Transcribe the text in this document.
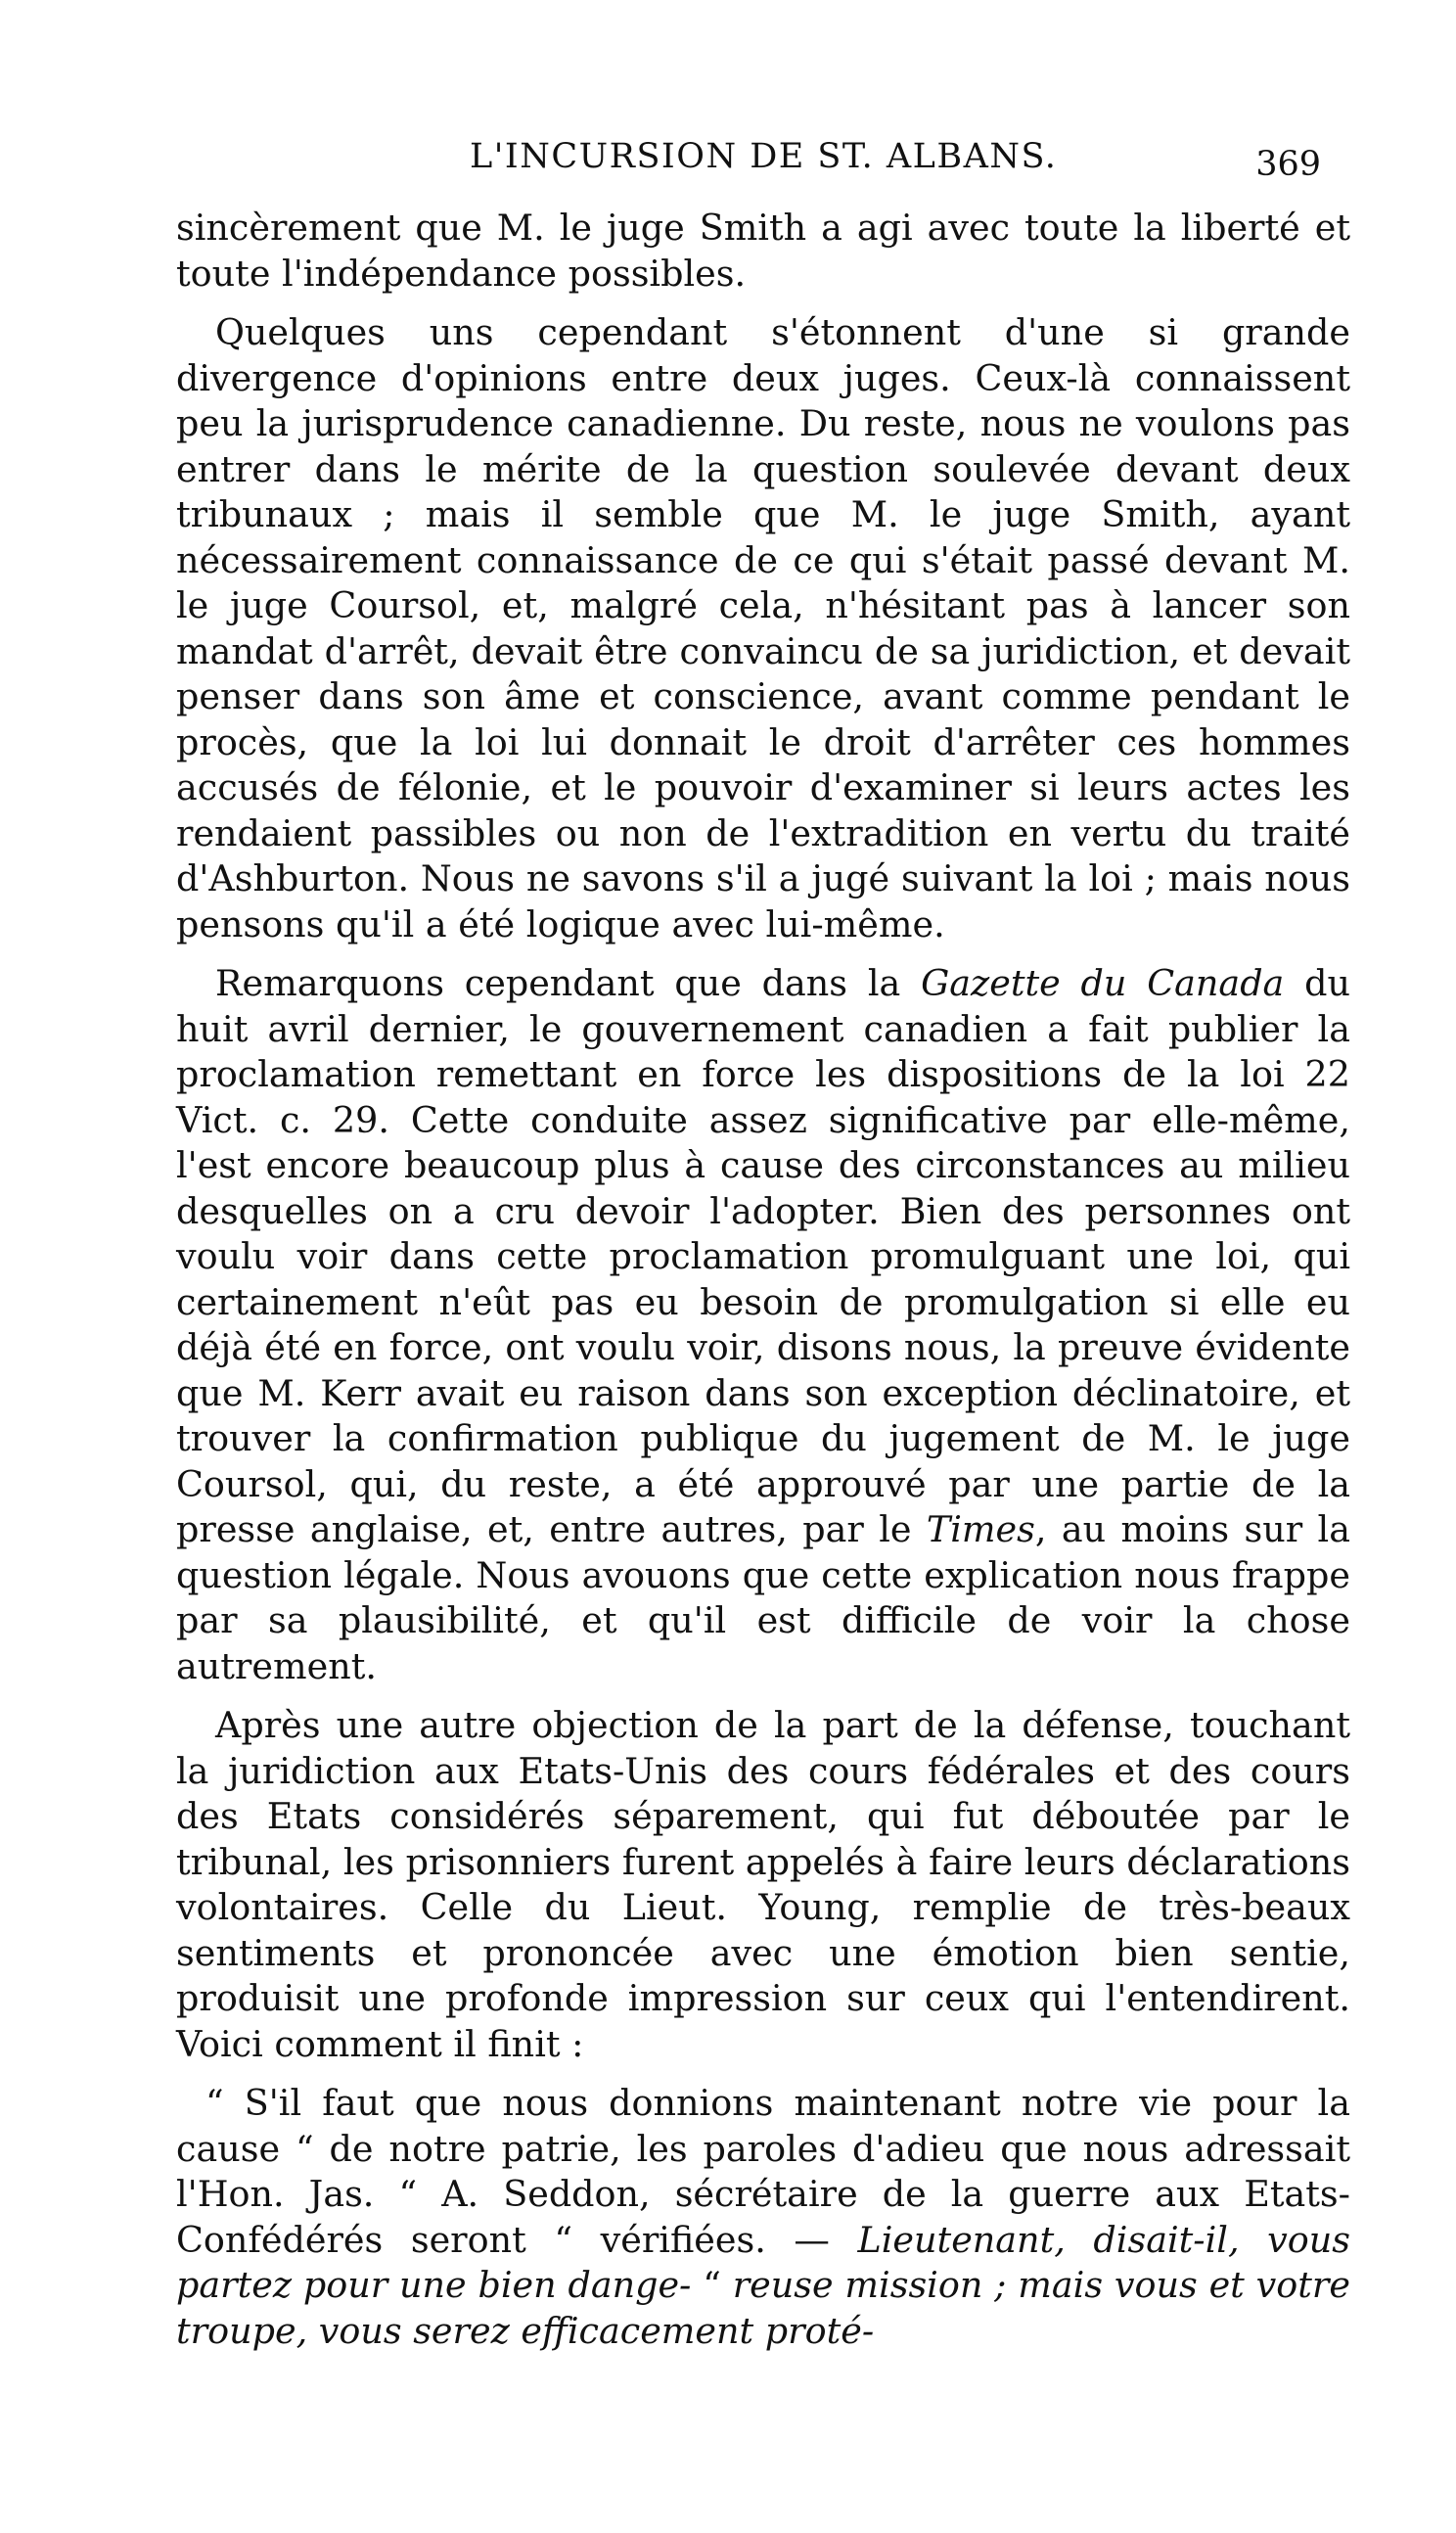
L'INCURSION DE ST. ALBANS.	369

sincèrement que M. le juge Smith a agi avec toute la liberté et toute l'indépendance possibles.

Quelques uns cependant s'étonnent d'une si grande divergence d'opinions entre deux juges. Ceux-là connaissent peu la jurisprudence canadienne. Du reste, nous ne voulons pas entrer dans le mérite de la question soulevée devant deux tribunaux ; mais il semble que M. le juge Smith, ayant nécessairement connaissance de ce qui s'était passé devant M. le juge Coursol, et, malgré cela, n'hésitant pas à lancer son mandat d'arrêt, devait être convaincu de sa juridiction, et devait penser dans son âme et conscience, avant comme pendant le procès, que la loi lui donnait le droit d'arrêter ces hommes accusés de félonie, et le pouvoir d'examiner si leurs actes les rendaient passibles ou non de l'extradition en vertu du traité d'Ashburton. Nous ne savons s'il a jugé suivant la loi ; mais nous pensons qu'il a été logique avec lui-même.

Remarquons cependant que dans la Gazette du Canada du huit avril dernier, le gouvernement canadien a fait publier la proclamation remettant en force les dispositions de la loi 22 Vict. c. 29. Cette conduite assez significative par elle-même, l'est encore beaucoup plus à cause des circonstances au milieu desquelles on a cru devoir l'adopter. Bien des personnes ont voulu voir dans cette proclamation promulguant une loi, qui certainement n'eût pas eu besoin de promulgation si elle eu déjà été en force, ont voulu voir, disons nous, la preuve évidente que M. Kerr avait eu raison dans son exception déclinatoire, et trouver la confirmation publique du jugement de M. le juge Coursol, qui, du reste, a été approuvé par une partie de la presse anglaise, et, entre autres, par le Times, au moins sur la question légale. Nous avouons que cette explication nous frappe par sa plausibilité, et qu'il est difficile de voir la chose autrement.

Après une autre objection de la part de la défense, touchant la juridiction aux Etats-Unis des cours fédérales et des cours des Etats considérés séparement, qui fut déboutée par le tribunal, les prisonniers furent appelés à faire leurs déclarations volontaires. Celle du Lieut. Young, remplie de très-beaux sentiments et prononcée avec une émotion bien sentie, produisit une profonde impression sur ceux qui l'entendirent. Voici comment il finit :

“ S'il faut que nous donnions maintenant notre vie pour la cause “ de notre patrie, les paroles d'adieu que nous adressait l'Hon. Jas. “ A. Seddon, sécrétaire de la guerre aux Etats-Confédérés seront “ vérifiées. — Lieutenant, disait-il, vous partez pour une bien dange- “ reuse mission ; mais vous et votre troupe, vous serez efficacement proté-
